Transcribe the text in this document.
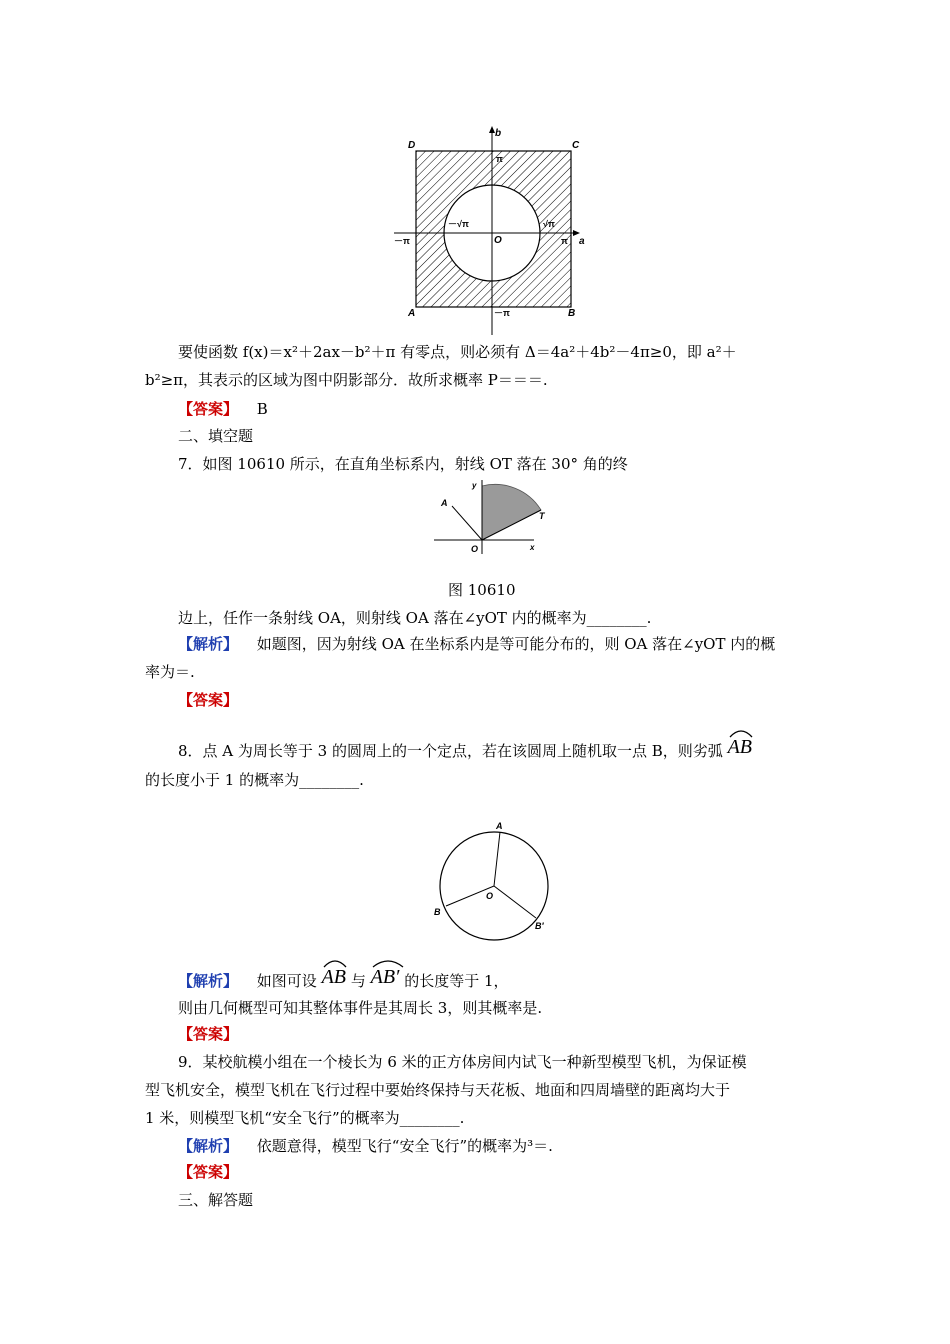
D	C
A	B
O
b
a
π
－π	π
－π
－√π	√π
要使函数 f(x)＝x²＋2ax－b²＋π 有零点，则必须有 Δ＝4a²＋4b²－4π≥0，即 a²＋
b²≥π，其表示的区域为图中阴影部分．故所求概率 P＝＝＝.
【答案】 B
二、填空题
7．如图 10610 所示，在直角坐标系内，射线 OT 落在 30° 角的终
y
x
A
T
O
图 10610
边上，任作一条射线 OA，则射线 OA 落在∠yOT 内的概率为________.
【解析】 如题图，因为射线 OA 在坐标系内是等可能分布的，则 OA 落在∠yOT 内的概
率为＝.
【答案】
8．点 A 为周长等于 3 的圆周上的一个定点，若在该圆周上随机取一点 B，则劣弧 AB
的长度小于 1 的概率为________.
A
O
B
B′
【解析】 如图可设 AB 与 AB′ 的长度等于 1，
则由几何概型可知其整体事件是其周长 3，则其概率是.
【答案】
9．某校航模小组在一个棱长为 6 米的正方体房间内试飞一种新型模型飞机，为保证模
型飞机安全，模型飞机在飞行过程中要始终保持与天花板、地面和四周墙壁的距离均大于
1 米，则模型飞机“安全飞行”的概率为________.
【解析】 依题意得，模型飞行“安全飞行”的概率为³＝.
【答案】
三、解答题
